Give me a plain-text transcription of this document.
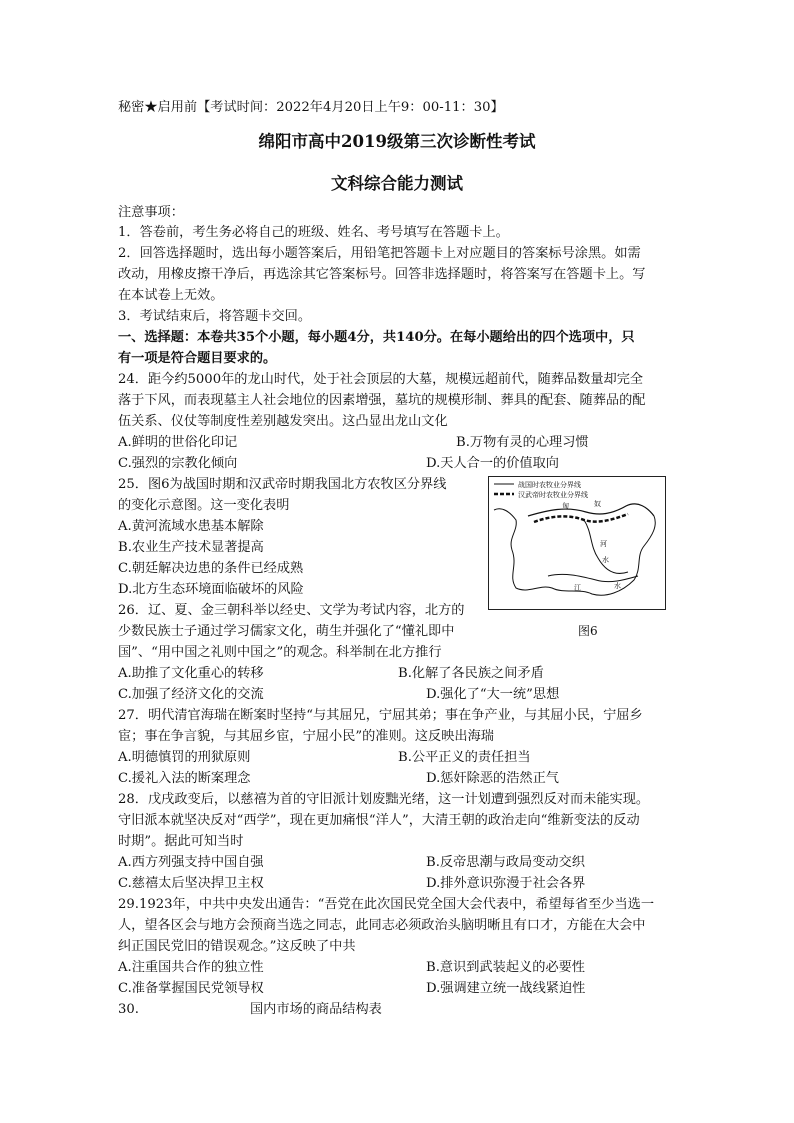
秘密★启用前【考试时间：2022年4月20日上午9：00-11：30】
绵阳市高中2019级第三次诊断性考试
文科综合能力测试
注意事项：
1．答卷前，考生务必将自己的班级、姓名、考号填写在答题卡上。
2．回答选择题时，选出每小题答案后，用铅笔把答题卡上对应题目的答案标号涂黑。如需
改动，用橡皮擦干净后，再选涂其它答案标号。回答非选择题时，将答案写在答题卡上。写
在本试卷上无效。
3．考试结束后，将答题卡交回。
一、选择题：本卷共35个小题，每小题4分，共140分。在每小题给出的四个选项中，只
有一项是符合题目要求的。
24．距今约5000年的龙山时代，处于社会顶层的大墓，规模远超前代，随葬品数量却完全
落于下风，而表现墓主人社会地位的因素增强，墓坑的规模形制、葬具的配套、随葬品的配
伍关系、仪仗等制度性差别越发突出。这凸显出龙山文化
A.鲜明的世俗化印记	B.万物有灵的心理习惯
C.强烈的宗教化倾向	D.天人合一的价值取向
25．图6为战国时期和汉武帝时期我国北方农牧区分界线
的变化示意图。这一变化表明
A.黄河流域水患基本解除
B.农业生产技术显著提高
C.朝廷解决边患的条件已经成熟
D.北方生态环境面临破坏的风险
战国时农牧业分界线
汉武帝时农牧业分界线
匈	奴
河
水
江	水
图6
26．辽、夏、金三朝科举以经史、文学为考试内容，北方的
少数民族士子通过学习儒家文化，萌生并强化了“懂礼即中
国”、“用中国之礼则中国之”的观念。科举制在北方推行
A.助推了文化重心的转移	B.化解了各民族之间矛盾
C.加强了经济文化的交流	D.强化了“大一统”思想
27．明代清官海瑞在断案时坚持“与其屈兄，宁屈其弟；事在争产业，与其屈小民，宁屈乡
宦；事在争言貌，与其屈乡宦，宁屈小民”的准则。这反映出海瑞
A.明德慎罚的刑狱原则	B.公平正义的责任担当
C.援礼入法的断案理念	D.惩奸除恶的浩然正气
28．戊戌政变后，以慈禧为首的守旧派计划废黜光绪，这一计划遭到强烈反对而未能实现。
守旧派本就坚决反对“西学”，现在更加痛恨“洋人”，大清王朝的政治走向“维新变法的反动
时期”。据此可知当时
A.西方列强支持中国自强	B.反帝思潮与政局变动交织
C.慈禧太后坚决捍卫主权	D.排外意识弥漫于社会各界
29.1923年，中共中央发出通告：“吾党在此次国民党全国大会代表中，希望每省至少当选一
人，望各区会与地方会预商当选之同志，此同志必须政治头脑明晰且有口才，方能在大会中
纠正国民党旧的错误观念。”这反映了中共
A.注重国共合作的独立性	B.意识到武装起义的必要性
C.准备掌握国民党领导权	D.强调建立统一战线紧迫性
30.	国内市场的商品结构表
